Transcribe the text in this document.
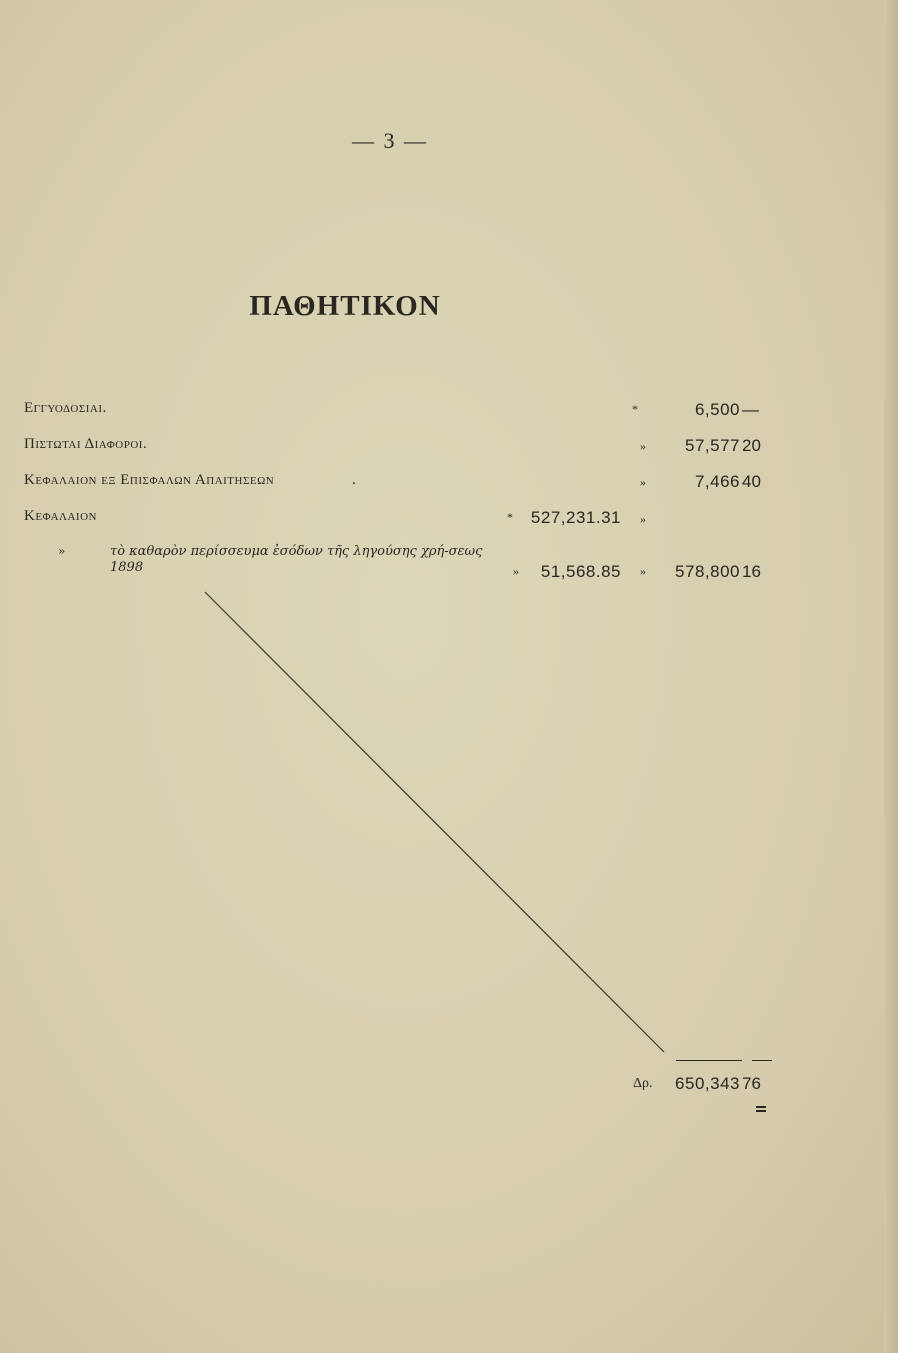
— 3 —
ΠΑΘΗΤΙΚΟΝ
Εγγυοδοσιαι.	*	6,500 —
Πιστωται Διαφοροι.	» 57,577 20
Κεφαλαιον εξ Επισφαλων Απαιτησεων	.	»	7,466 40
Κεφαλαιον	* 527,231.31 »
»	τὸ καθαρὸν περίσσευμα ἐσόδων τῆς ληγούσης χρή-σεως 1898	» 51,568.85 » 578,800 16
Δρ. 650,343 76
